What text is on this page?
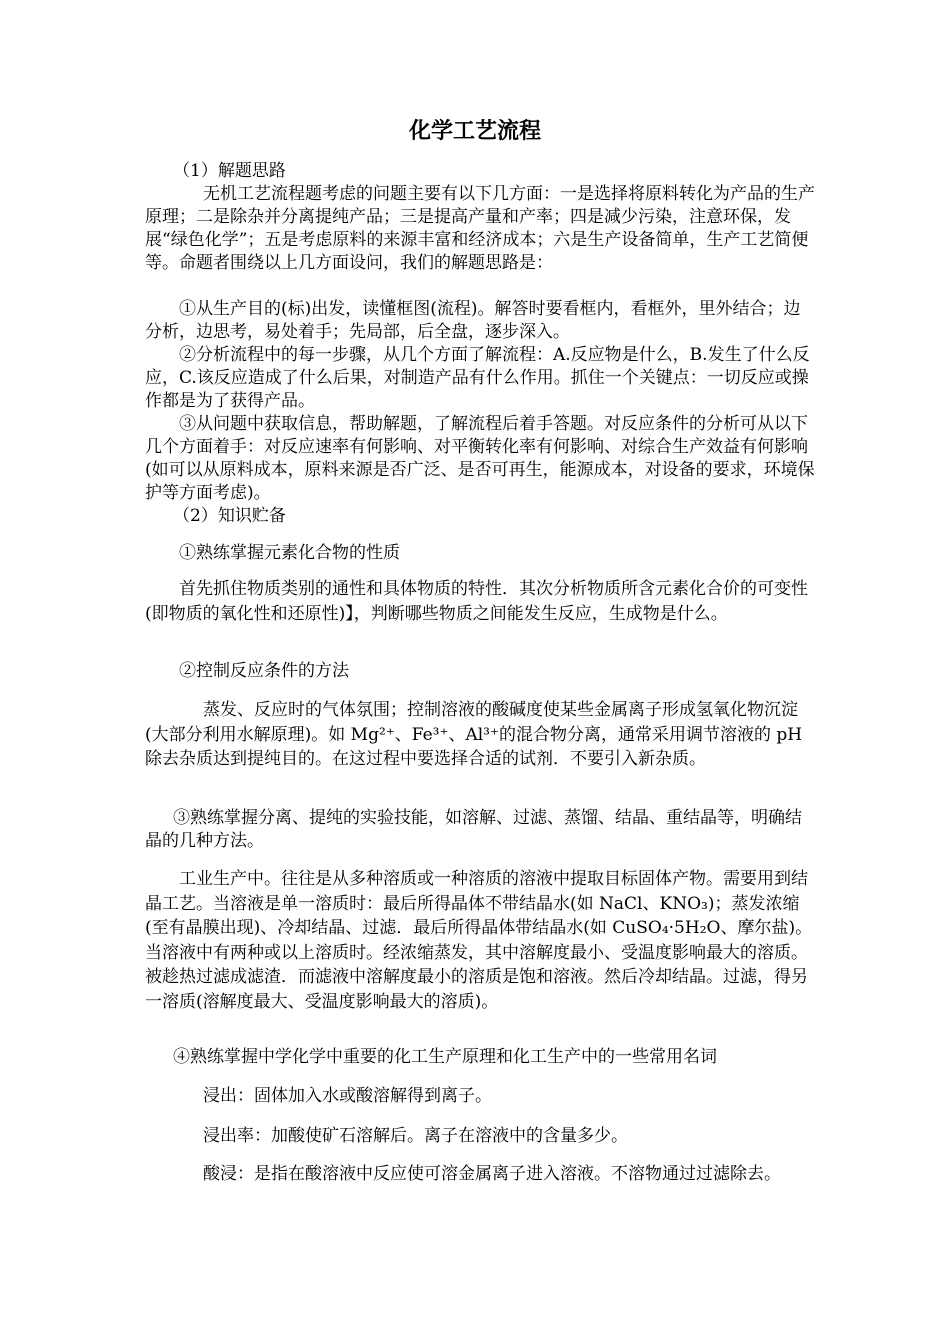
化学工艺流程

（1）解题思路

无机工艺流程题考虑的问题主要有以下几方面：一是选择将原料转化为产品的生产原理；二是除杂并分离提纯产品；三是提高产量和产率；四是减少污染，注意环保，发展“绿色化学”；五是考虑原料的来源丰富和经济成本；六是生产设备简单，生产工艺简便等。命题者围绕以上几方面设问，我们的解题思路是：

①从生产目的(标)出发，读懂框图(流程)。解答时要看框内，看框外，里外结合；边分析，边思考，易处着手；先局部，后全盘，逐步深入。

②分析流程中的每一步骤，从几个方面了解流程：A.反应物是什么，B.发生了什么反应，C.该反应造成了什么后果，对制造产品有什么作用。抓住一个关键点：一切反应或操作都是为了获得产品。

③从问题中获取信息，帮助解题，了解流程后着手答题。对反应条件的分析可从以下几个方面着手：对反应速率有何影响、对平衡转化率有何影响、对综合生产效益有何影响(如可以从原料成本，原料来源是否广泛、是否可再生，能源成本，对设备的要求，环境保护等方面考虑)。

（2）知识贮备

①熟练掌握元素化合物的性质

首先抓住物质类别的通性和具体物质的特性．其次分析物质所含元素化合价的可变性(即物质的氧化性和还原性)】，判断哪些物质之间能发生反应，生成物是什么。

②控制反应条件的方法

蒸发、反应时的气体氛围；控制溶液的酸碱度使某些金属离子形成氢氧化物沉淀(大部分利用水解原理)。如 Mg²⁺、Fe³⁺、Al³⁺的混合物分离，通常采用调节溶液的 pH 除去杂质达到提纯目的。在这过程中要选择合适的试剂．不要引入新杂质。

③熟练掌握分离、提纯的实验技能，如溶解、过滤、蒸馏、结晶、重结晶等，明确结晶的几种方法。

工业生产中。往往是从多种溶质或一种溶质的溶液中提取目标固体产物。需要用到结晶工艺。当溶液是单一溶质时：最后所得晶体不带结晶水(如 NaCl、KNO₃)；蒸发浓缩(至有晶膜出现)、冷却结晶、过滤．最后所得晶体带结晶水(如 CuSO₄·5H₂O、摩尔盐)。当溶液中有两种或以上溶质时。经浓缩蒸发，其中溶解度最小、受温度影响最大的溶质。被趁热过滤成滤渣．而滤液中溶解度最小的溶质是饱和溶液。然后冷却结晶。过滤，得另一溶质(溶解度最大、受温度影响最大的溶质)。

④熟练掌握中学化学中重要的化工生产原理和化工生产中的一些常用名词

浸出：固体加入水或酸溶解得到离子。

浸出率：加酸使矿石溶解后。离子在溶液中的含量多少。

酸浸：是指在酸溶液中反应使可溶金属离子进入溶液。不溶物通过过滤除去。
